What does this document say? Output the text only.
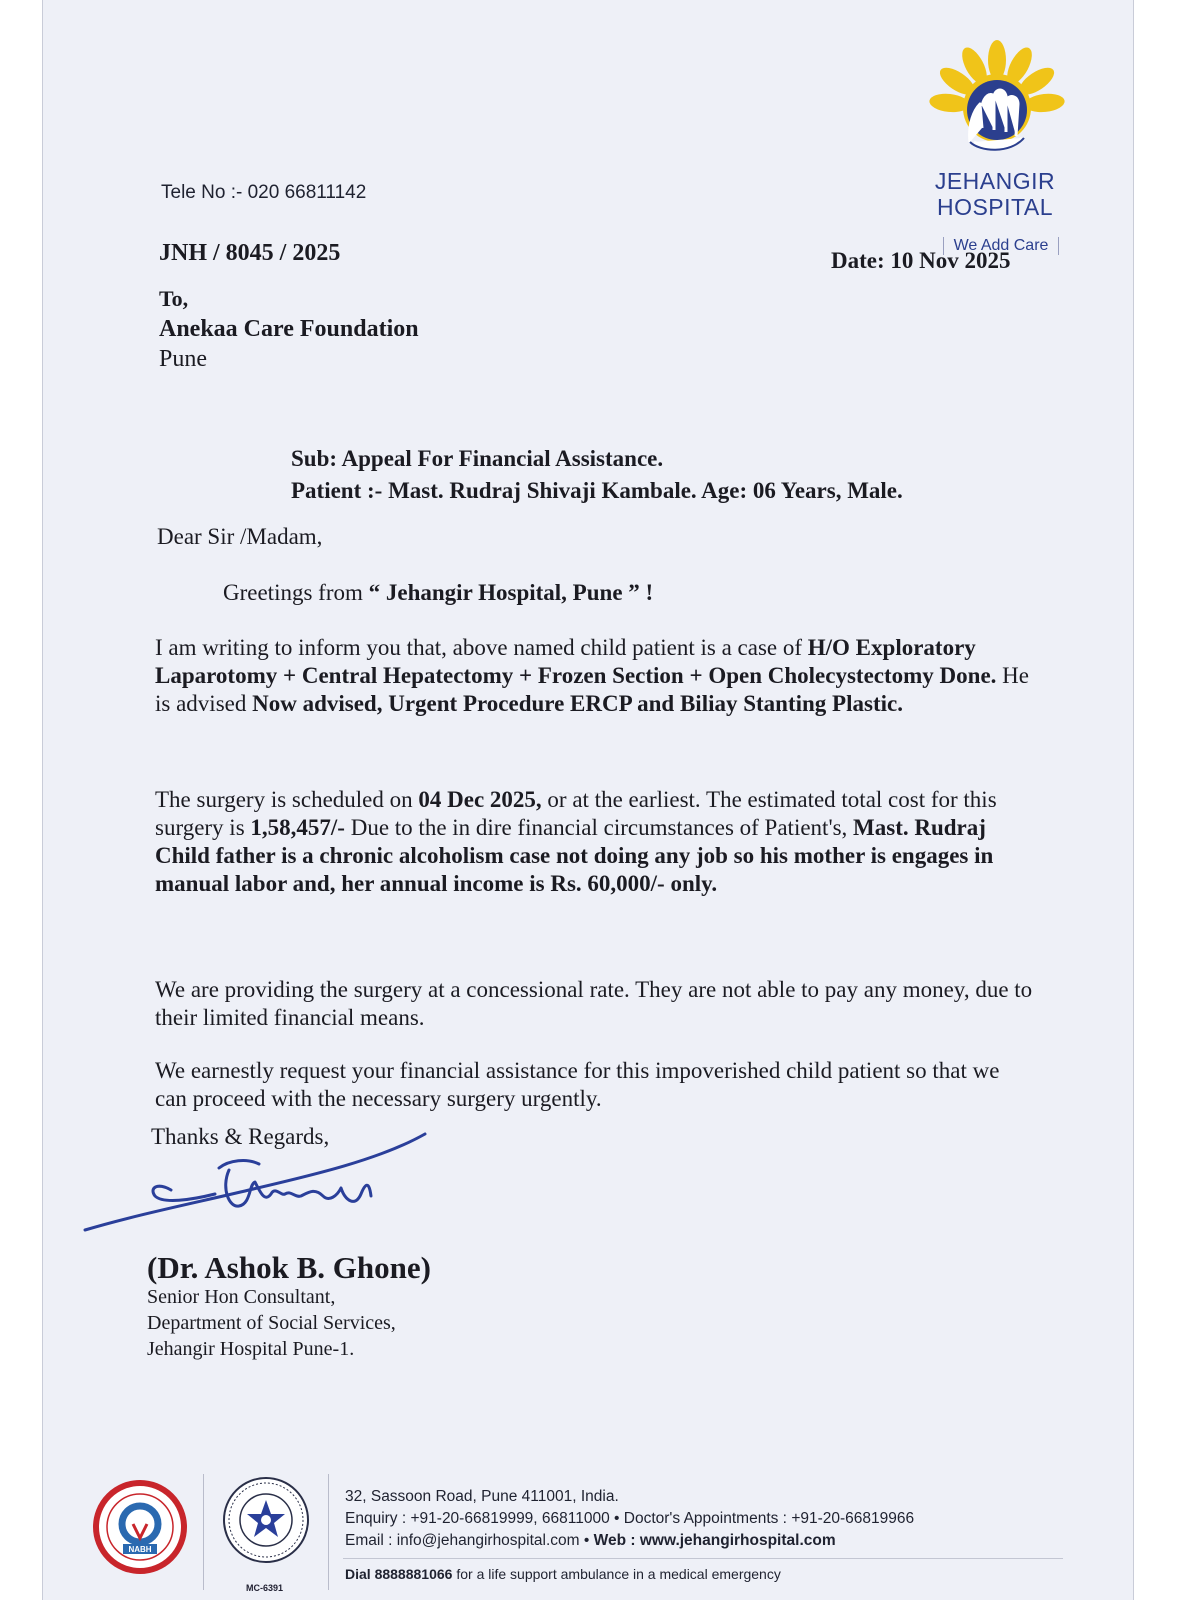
JEHANGIR
HOSPITAL
We Add Care
Tele No :- 020 66811142
JNH / 8045 / 2025	Date: 10 Nov 2025
To,
Anekaa Care Foundation
Pune
Sub: Appeal For Financial Assistance.
Patient :- Mast. Rudraj Shivaji Kambale. Age: 06 Years, Male.
Dear Sir /Madam,
Greetings from “ Jehangir Hospital, Pune ” !
I am writing to inform you that, above named child patient is a case of H/O Exploratory Laparotomy + Central Hepatectomy + Frozen Section + Open Cholecystectomy Done. He is advised Now advised, Urgent Procedure ERCP and Biliay Stanting Plastic.
The surgery is scheduled on 04 Dec 2025, or at the earliest. The estimated total cost for this surgery is 1,58,457/- Due to the in dire financial circumstances of Patient's, Mast. Rudraj Child father is a chronic alcoholism case not doing any job so his mother is engages in manual labor and, her annual income is Rs. 60,000/- only.
We are providing the surgery at a concessional rate. They are not able to pay any money, due to their limited financial means.
We earnestly request your financial assistance for this impoverished child patient so that we can proceed with the necessary surgery urgently.
Thanks & Regards,
(Dr. Ashok B. Ghone)
Senior Hon Consultant,
Department of Social Services,
Jehangir Hospital Pune-1.
NABH
MC-6391
32, Sassoon Road, Pune 411001, India.
Enquiry : +91-20-66819999, 66811000 • Doctor's Appointments : +91-20-66819966
Email : info@jehangirhospital.com • Web : www.jehangirhospital.com
Dial 8888881066 for a life support ambulance in a medical emergency
